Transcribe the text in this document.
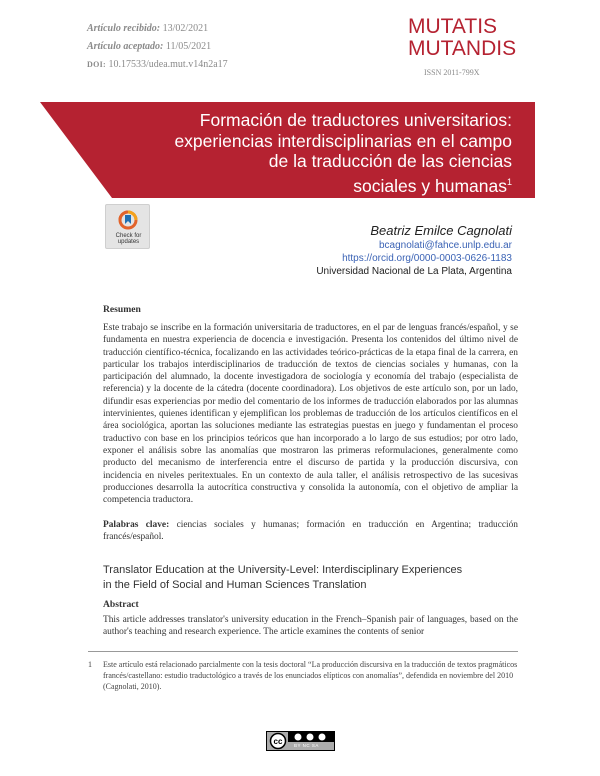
Artículo recibido: 13/02/2021
Artículo aceptado: 11/05/2021
DOI: 10.17533/udea.mut.v14n2a17
MUTATIS
MUTANDIS
ISSN 2011-799X
Formación de traductores universitarios:
experiencias interdisciplinarias en el campo
de la traducción de las ciencias
sociales y humanas$^1$
Check for
updates
Beatriz Emilce Cagnolati
bcagnolati@fahce.unlp.edu.ar
https://orcid.org/0000-0003-0626-1183
Universidad Nacional de La Plata, Argentina
Resumen
Este trabajo se inscribe en la formación universitaria de traductores, en el par de lenguas francés/español, y se fundamenta en nuestra experiencia de docencia e investigación. Presenta los contenidos del último nivel de traducción científico-técnica, focalizando en las actividades teórico-prácticas de la etapa final de la carrera, en particular los trabajos interdisciplinarios de traducción de textos de ciencias sociales y humanas, con la participación del alumnado, la docente investigadora de sociología y economía del trabajo (especialista de referencia) y la docente de la cátedra (docente coordinadora). Los objetivos de este artículo son, por un lado, difundir esas experiencias por medio del comentario de los informes de traducción elaborados por las alumnas intervinientes, quienes identifican y ejemplifican los problemas de traducción de los artículos científicos en el área sociológica, aportan las soluciones mediante las estrategias puestas en juego y fundamentan el proceso traductivo con base en los principios teóricos que han incorporado a lo largo de sus estudios; por otro lado, exponer el análisis sobre las anomalías que mostraron las primeras reformulaciones, generalmente como producto del mecanismo de interferencia entre el discurso de partida y la producción discursiva, con incidencia en niveles peritextuales. En un contexto de aula taller, el análisis retrospectivo de las sucesivas producciones desarrolla la autocrítica constructiva y consolida la autonomía, con el objetivo de ampliar la competencia traductora.
Palabras clave: ciencias sociales y humanas; formación en traducción en Argentina; traducción francés/español.
Translator Education at the University-Level: Interdisciplinary Experiences
in the Field of Social and Human Sciences Translation
Abstract
This article addresses translator's university education in the French–Spanish pair of languages, based on the author's teaching and research experience. The article examines the contents of senior
1	Este artículo está relacionado parcialmente con la tesis doctoral “La producción discursiva en la traducción de textos pragmáticos francés/castellano: estudio traductológico a través de los enunciados elípticos con anomalías”, defendida en noviembre del 2010 (Cagnolati, 2010).
cc	BY NC SA
